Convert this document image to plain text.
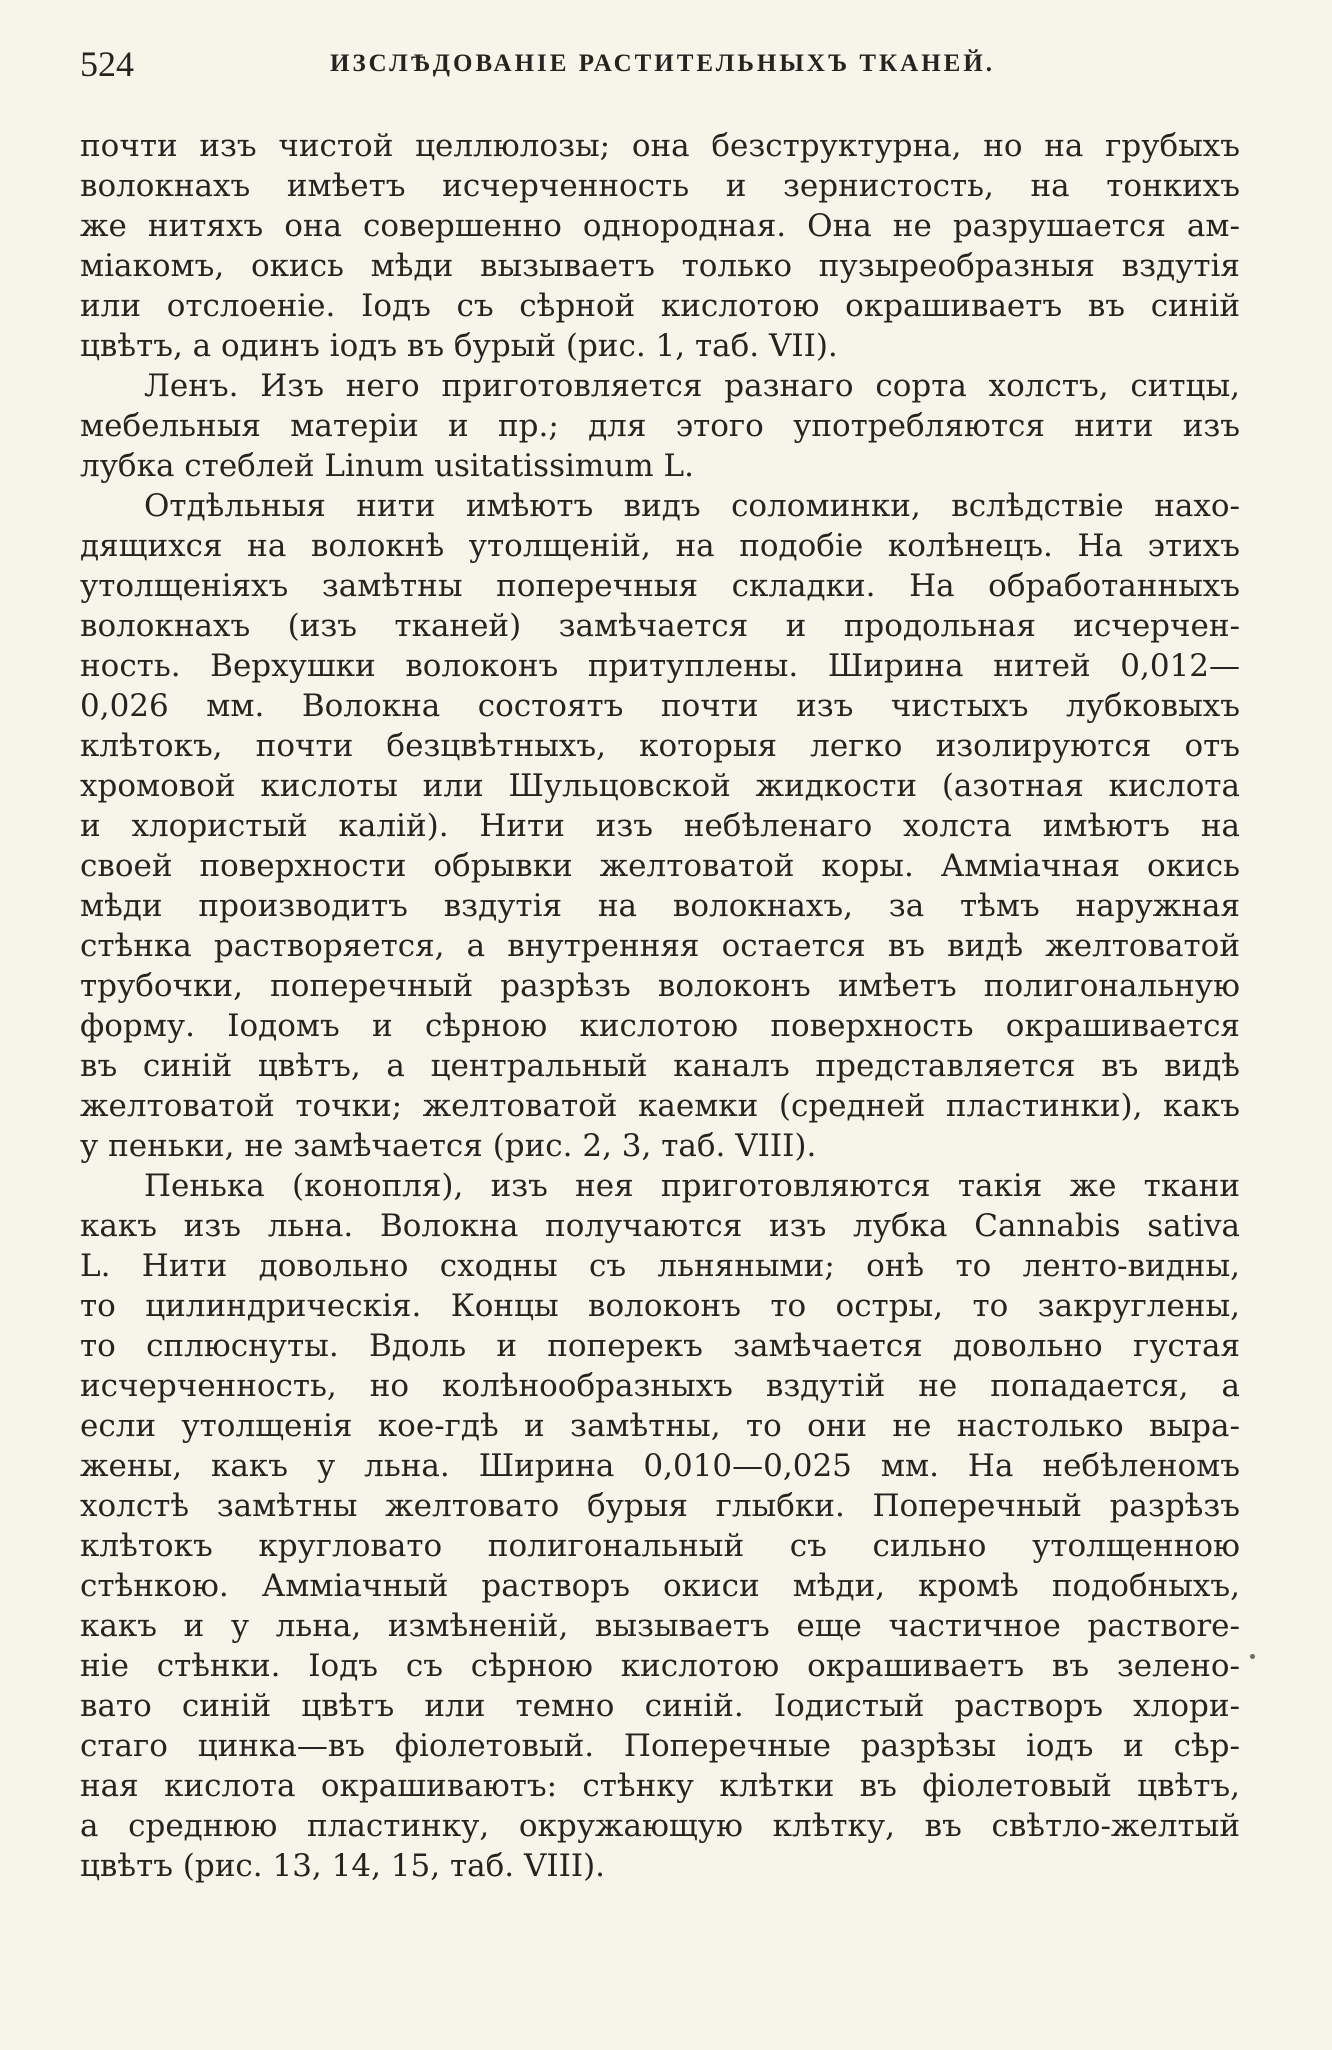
524	ИЗСЛѢДОВАНІЕ РАСТИТЕЛЬНЫХЪ ТКАНЕЙ.
почти изъ чистой целлюлозы; она безструктурна, но на грубыхъ
волокнахъ имѣетъ исчерченность и зернистость, на тонкихъ
же нитяхъ она совершенно однородная. Она не разрушается ам-
міакомъ, окись мѣди вызываетъ только пузыреобразныя вздутія
или отслоеніе. Іодъ съ сѣрной кислотою окрашиваетъ въ синій
цвѣтъ, а одинъ іодъ въ бурый (рис. 1, таб. VII).
Ленъ. Изъ него приготовляется разнаго сорта холстъ, ситцы,
мебельныя матеріи и пр.; для этого употребляются нити изъ
лубка стеблей Linum usitatissimum L.
Отдѣльныя нити имѣютъ видъ соломинки, вслѣдствіе нахо-
дящихся на волокнѣ утолщеній, на подобіе колѣнецъ. На этихъ
утолщеніяхъ замѣтны поперечныя складки. На обработанныхъ
волокнахъ (изъ тканей) замѣчается и продольная исчерчен-
ность. Верхушки волоконъ притуплены. Ширина нитей 0,012—
0,026 мм. Волокна состоятъ почти изъ чистыхъ лубковыхъ
клѣтокъ, почти безцвѣтныхъ, которыя легко изолируются отъ
хромовой кислоты или Шульцовской жидкости (азотная кислота
и хлористый калій). Нити изъ небѣленаго холста имѣютъ на
своей поверхности обрывки желтоватой коры. Амміачная окись
мѣди производитъ вздутія на волокнахъ, за тѣмъ наружная
стѣнка растворяется, а внутренняя остается въ видѣ желтоватой
трубочки, поперечный разрѣзъ волоконъ имѣетъ полигональную
форму. Іодомъ и сѣрною кислотою поверхность окрашивается
въ синій цвѣтъ, а центральный каналъ представляется въ видѣ
желтоватой точки; желтоватой каемки (средней пластинки), какъ
у пеньки, не замѣчается (рис. 2, 3, таб. VIII).
Пенька (конопля), изъ нея приготовляются такія же ткани
какъ изъ льна. Волокна получаются изъ лубка Cannabis sativa
L. Нити довольно сходны съ льняными; онѣ то ленто-видны,
то цилиндрическія. Концы волоконъ то остры, то закруглены,
то сплюснуты. Вдоль и поперекъ замѣчается довольно густая
исчерченность, но колѣнообразныхъ вздутій не попадается, а
если утолщенія кое-гдѣ и замѣтны, то они не настолько выра-
жены, какъ у льна. Ширина 0,010—0,025 мм. На небѣленомъ
холстѣ замѣтны желтовато бурыя глыбки. Поперечный разрѣзъ
клѣтокъ кругловато полигональный съ сильно утолщенною
стѣнкою. Амміачный растворъ окиси мѣди, кромѣ подобныхъ,
какъ и у льна, измѣненій, вызываетъ еще частичное раствore-
ніе стѣнки. Іодъ съ сѣрною кислотою окрашиваетъ въ зелено-
вато синій цвѣтъ или темно синій. Іодистый растворъ хлори-
стаго цинка—въ фіолетовый. Поперечные разрѣзы іодъ и сѣр-
ная кислота окрашиваютъ: стѣнку клѣтки въ фіолетовый цвѣтъ,
а среднюю пластинку, окружающую клѣтку, въ свѣтло-желтый
цвѣтъ (рис. 13, 14, 15, таб. VIII).
